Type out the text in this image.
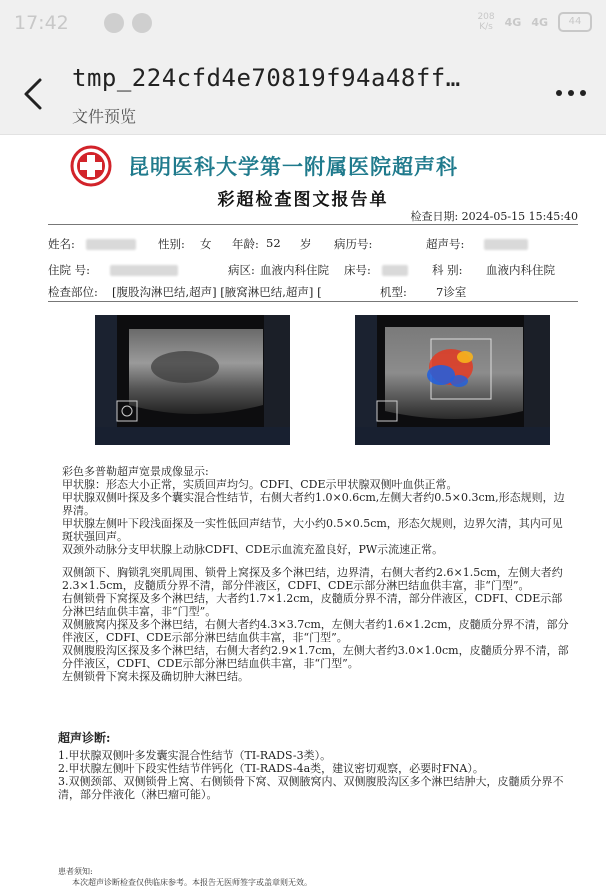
17:42	208
K/s 4G 4G	44
tmp_224cfd4e70819f94a48ff…
文件预览
昆明医科大学第一附属医院超声科
彩超检查图文报告单
检查日期: 2024-05-15 15:45:40
姓名:	性别: 女 年龄: 52 岁 病历号:	超声号:
住院 号:	病区: 血液内科住院 床号:	科 别: 血液内科住院
检查部位: [腹股沟淋巴结,超声] [腋窝淋巴结,超声] [	机型:	7诊室

彩色多普勒超声宽景成像显示:

甲状腺：形态大小正常，实质回声均匀。CDFI、CDE示甲状腺双侧叶血供正常。

甲状腺双侧叶探及多个囊实混合性结节，右侧大者约1.0×0.6cm,左侧大者约0.5×0.3cm,形态规则，边界清。

甲状腺左侧叶下段浅面探及一实性低回声结节，大小约0.5×0.5cm，形态欠规则，边界欠清，其内可见斑状强回声。

双颈外动脉分支甲状腺上动脉CDFI、CDE示血流充盈良好，PW示流速正常。

双侧颌下、胸锁乳突肌周围、锁骨上窝探及多个淋巴结，边界清，右侧大者约2.6×1.5cm，左侧大者约2.3×1.5cm，皮髓质分界不清，部分伴液区，CDFI、CDE示部分淋巴结血供丰富，非“门型”。

右侧锁骨下窝探及多个淋巴结，大者约1.7×1.2cm，皮髓质分界不清，部分伴液区，CDFI、CDE示部分淋巴结血供丰富，非“门型”。

双侧腋窝内探及多个淋巴结，右侧大者约4.3×3.7cm，左侧大者约1.6×1.2cm，皮髓质分界不清，部分伴液区，CDFI、CDE示部分淋巴结血供丰富，非“门型”。

双侧腹股沟区探及多个淋巴结，右侧大者约2.9×1.7cm，左侧大者约3.0×1.0cm，皮髓质分界不清，部分伴液区，CDFI、CDE示部分淋巴结血供丰富，非“门型”。

左侧锁骨下窝未探及确切肿大淋巴结。

超声诊断:

1.甲状腺双侧叶多发囊实混合性结节（TI-RADS-3类）。

2.甲状腺左侧叶下段实性结节伴钙化（TI-RADS-4a类，建议密切观察，必要时FNA）。

3.双侧颈部、双侧锁骨上窝、右侧锁骨下窝、双侧腋窝内、双侧腹股沟区多个淋巴结肿大，皮髓质分界不清，部分伴液化（淋巴瘤可能）。

患者须知:
本次超声诊断检查仅供临床参考。本报告无医师签字或盖章则无效。
